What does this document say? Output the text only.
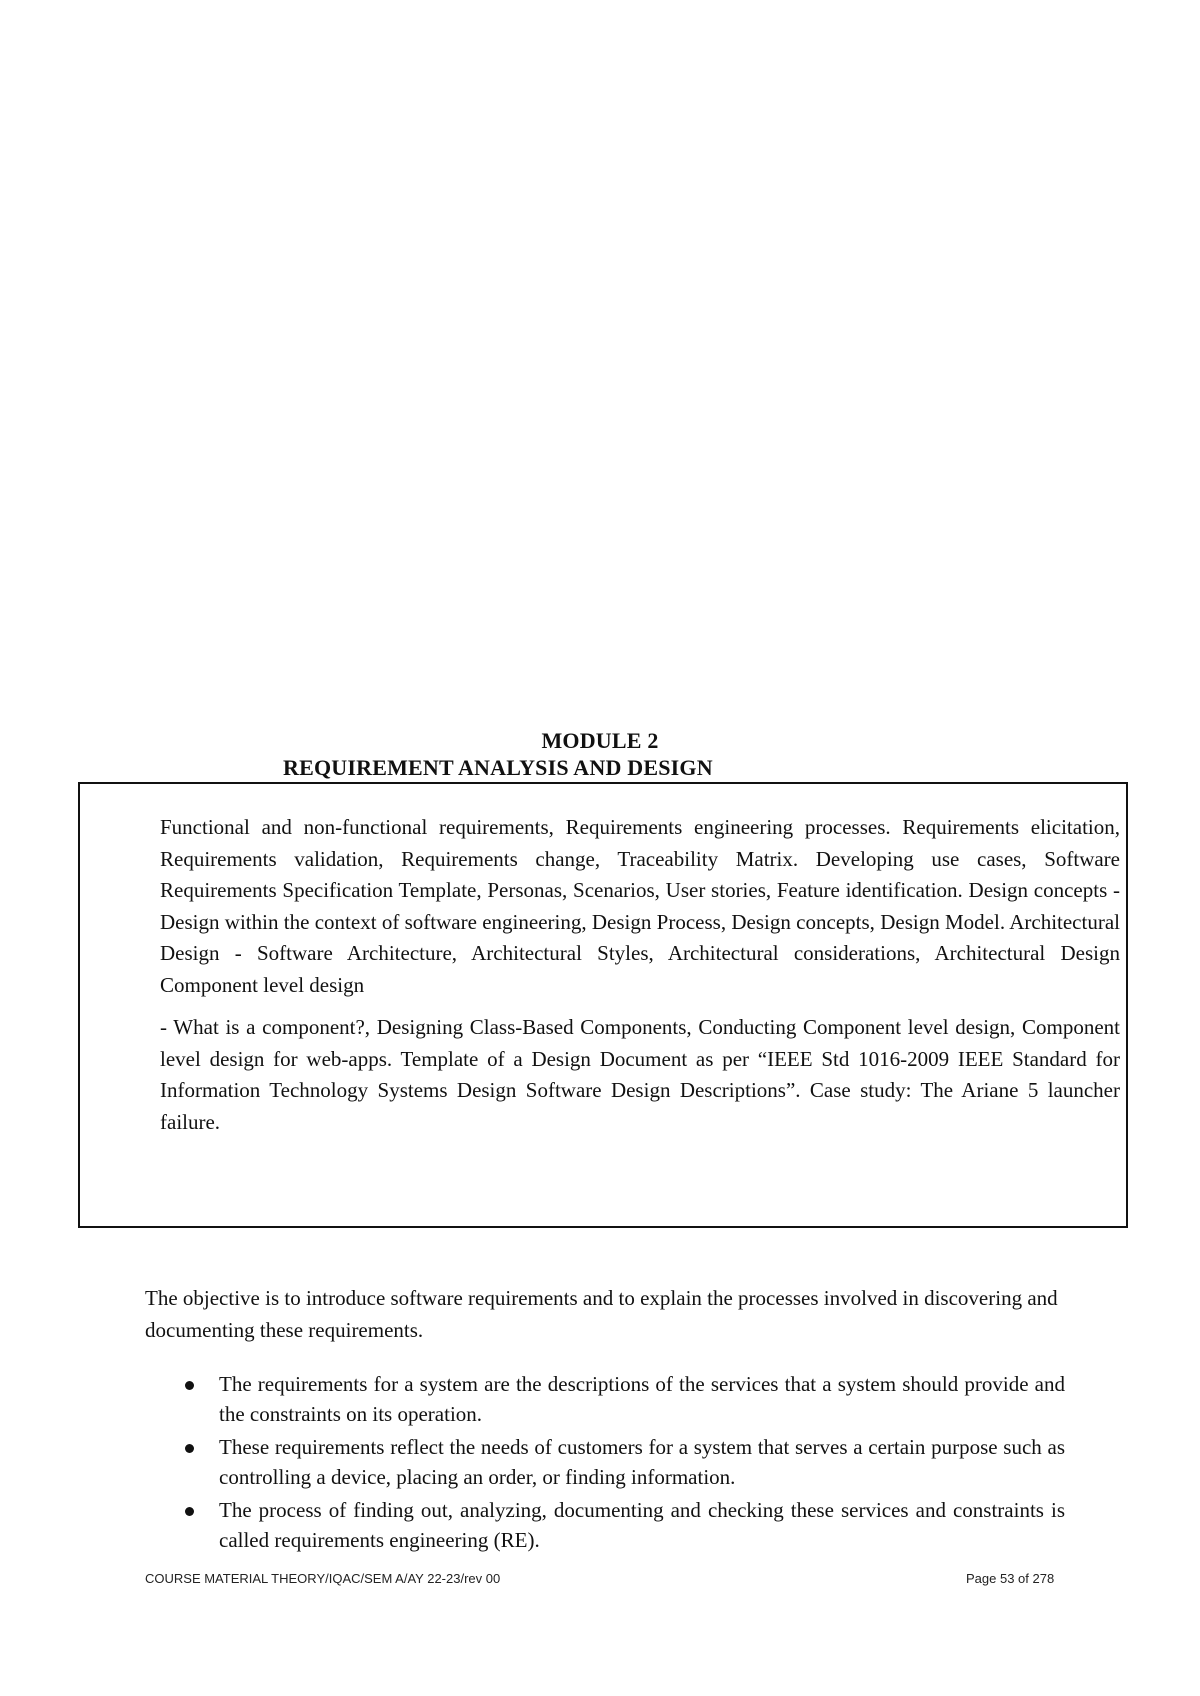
MODULE 2
REQUIREMENT ANALYSIS AND DESIGN

Functional and non-functional requirements, Requirements engineering processes. Requirements elicitation, Requirements validation, Requirements change, Traceability Matrix. Developing use cases, Software Requirements Specification Template, Personas, Scenarios, User stories, Feature identification. Design concepts - Design within the context of software engineering, Design Process, Design concepts, Design Model. Architectural Design - Software Architecture, Architectural Styles, Architectural considerations, Architectural Design Component level design

- What is a component?, Designing Class-Based Components, Conducting Component level design, Component level design for web-apps. Template of a Design Document as per “IEEE Std 1016-2009 IEEE Standard for Information Technology Systems Design Software Design Descriptions”. Case study: The Ariane 5 launcher failure.

The objective is to introduce software requirements and to explain the processes involved in discovering and documenting these requirements.

The requirements for a system are the descriptions of the services that a system should provide and the constraints on its operation.
These requirements reflect the needs of customers for a system that serves a certain purpose such as controlling a device, placing an order, or finding information.
The process of finding out, analyzing, documenting and checking these services and constraints is called requirements engineering (RE).
COURSE MATERIAL THEORY/IQAC/SEM A/AY 22-23/rev 00	Page 53 of 278
